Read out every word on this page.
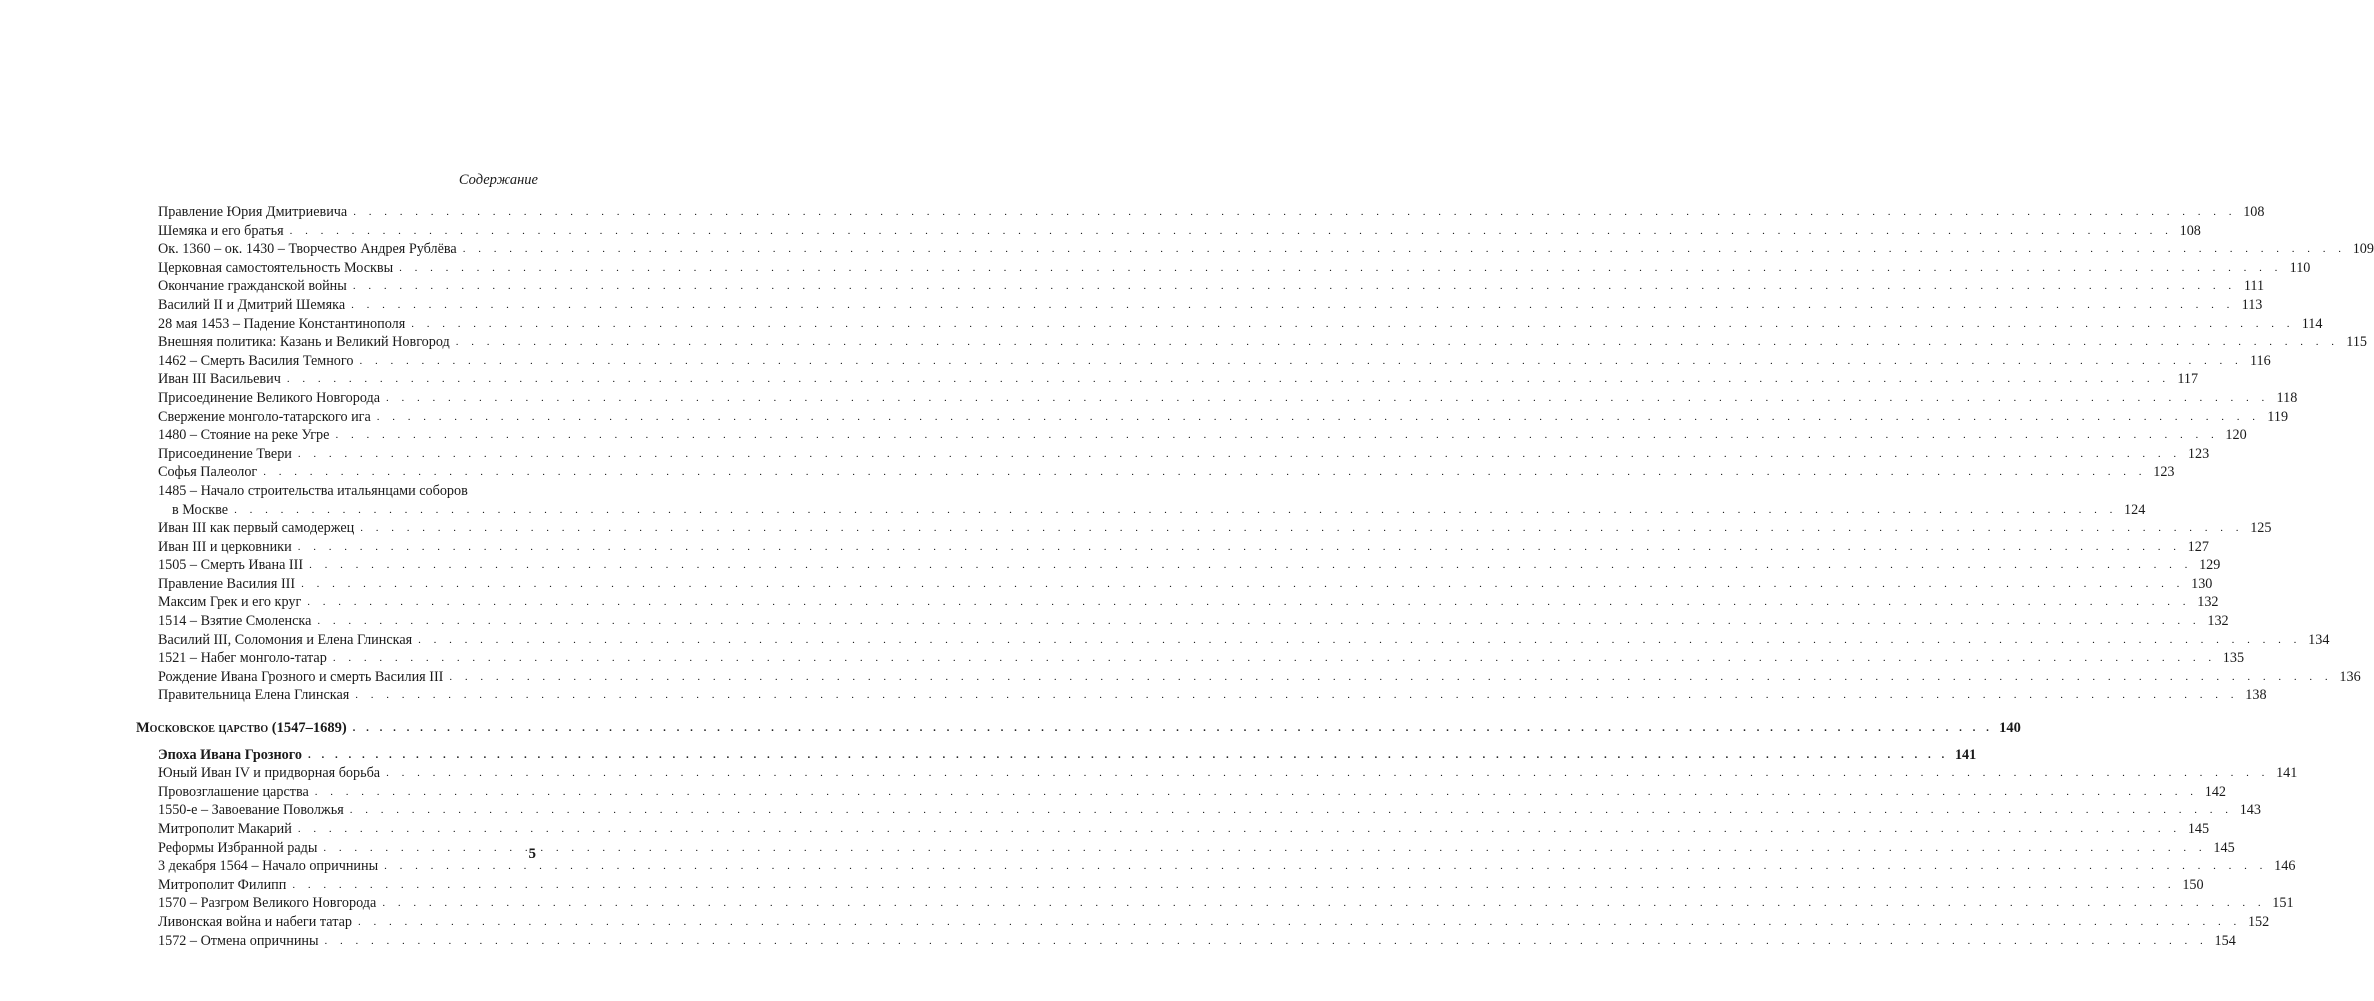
Содержание
Правление Юрия Дмитриевича . . .	108
Шемяка и его братья . . .	108
Ок. 1360 – ок. 1430 – Творчество Андрея Рублёва . . .	109
Церковная самостоятельность Москвы . . .	110
Окончание гражданской войны . . .	111
Василий II и Дмитрий Шемяка . . .	113
28 мая 1453 – Падение Константинополя . . .	114
Внешняя политика: Казань и Великий Новгород . . .	115
1462 – Смерть Василия Темного . . .	116
Иван III Васильевич . . .	117
Присоединение Великого Новгорода . . .	118
Свержение монголо-татарского ига . . .	119
1480 – Стояние на реке Угре . . .	120
Присоединение Твери . . .	123
Софья Палеолог . . .	123
1485 – Начало строительства итальянцами соборов
в Москве . . .	124
Иван III как первый самодержец . . .	125
Иван III и церковники . . .	127
1505 – Смерть Ивана III . . .	129
Правление Василия III . . .	130
Максим Грек и его круг . . .	132
1514 – Взятие Смоленска . . .	132
Василий III, Соломония и Елена Глинская . . .	134
1521 – Набег монголо-татар . . .	135
Рождение Ивана Грозного и смерть Василия III . . .	136
Правительница Елена Глинская . . .	138
Московское царство (1547–1689) . . .	140
Эпоха Ивана Грозного . . .	141
Юный Иван IV и придворная борьба . . .	141
Провозглашение царства . . .	142
1550-е – Завоевание Поволжья . . .	143
Митрополит Макарий . . .	145
Реформы Избранной рады . . .	145
3 декабря 1564 – Начало опричнины . . .	146
Митрополит Филипп . . .	150
1570 – Разгром Великого Новгорода . . .	151
Ливонская война и набеги татар . . .	152
1572 – Отмена опричнины . . .	154
5
